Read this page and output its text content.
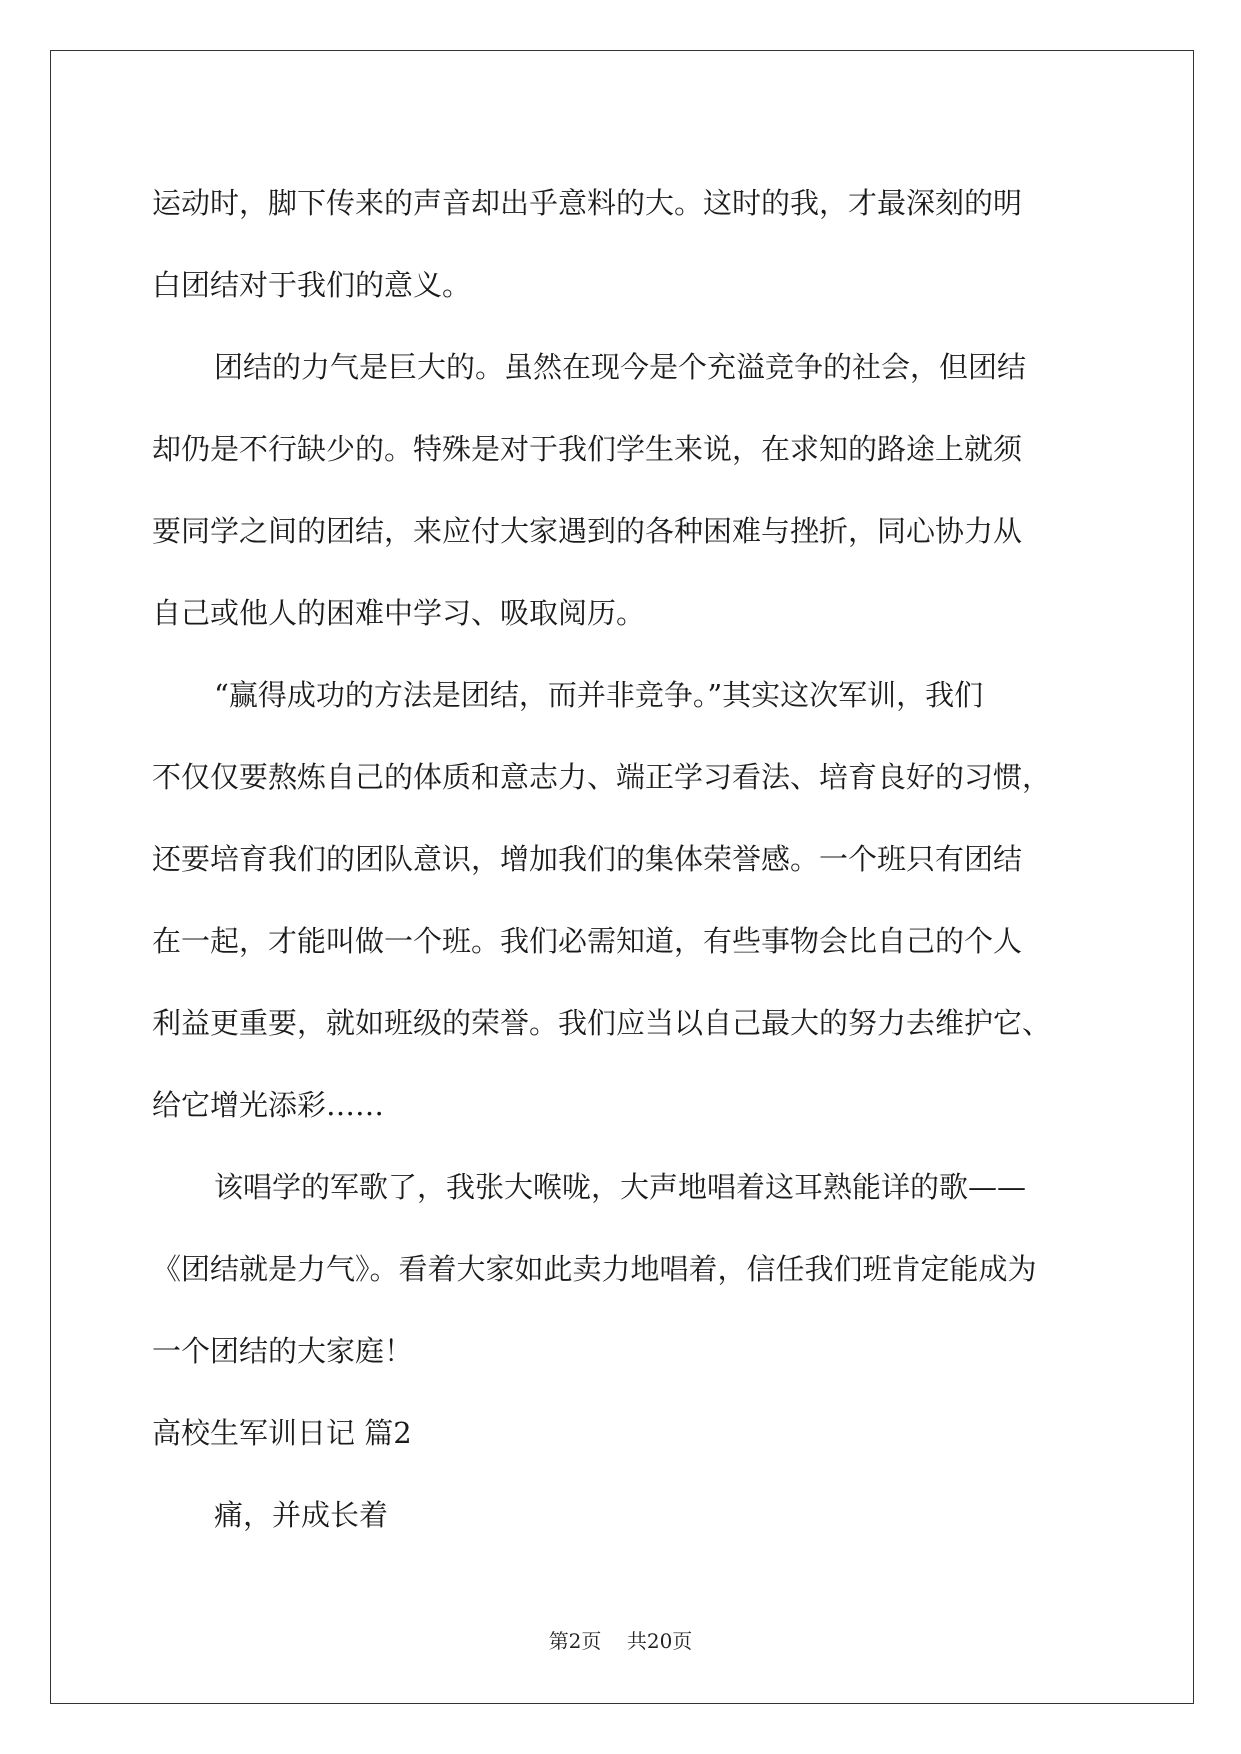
运动时，脚下传来的声音却出乎意料的大。这时的我，才最深刻的明
白团结对于我们的意义。
团结的力气是巨大的。虽然在现今是个充溢竞争的社会，但团结
却仍是不行缺少的。特殊是对于我们学生来说，在求知的路途上就须
要同学之间的团结，来应付大家遇到的各种困难与挫折，同心协力从
自己或他人的困难中学习、吸取阅历。
“赢得成功的方法是团结，而并非竞争。”其实这次军训，我们
不仅仅要熬炼自己的体质和意志力、端正学习看法、培育良好的习惯，
还要培育我们的团队意识，增加我们的集体荣誉感。一个班只有团结
在一起，才能叫做一个班。我们必需知道，有些事物会比自己的个人
利益更重要，就如班级的荣誉。我们应当以自己最大的努力去维护它、
给它增光添彩……
该唱学的军歌了，我张大喉咙，大声地唱着这耳熟能详的歌——
《团结就是力气》。看着大家如此卖力地唱着，信任我们班肯定能成为
一个团结的大家庭！
高校生军训日记 篇2
痛，并成长着
第2页 共20页
